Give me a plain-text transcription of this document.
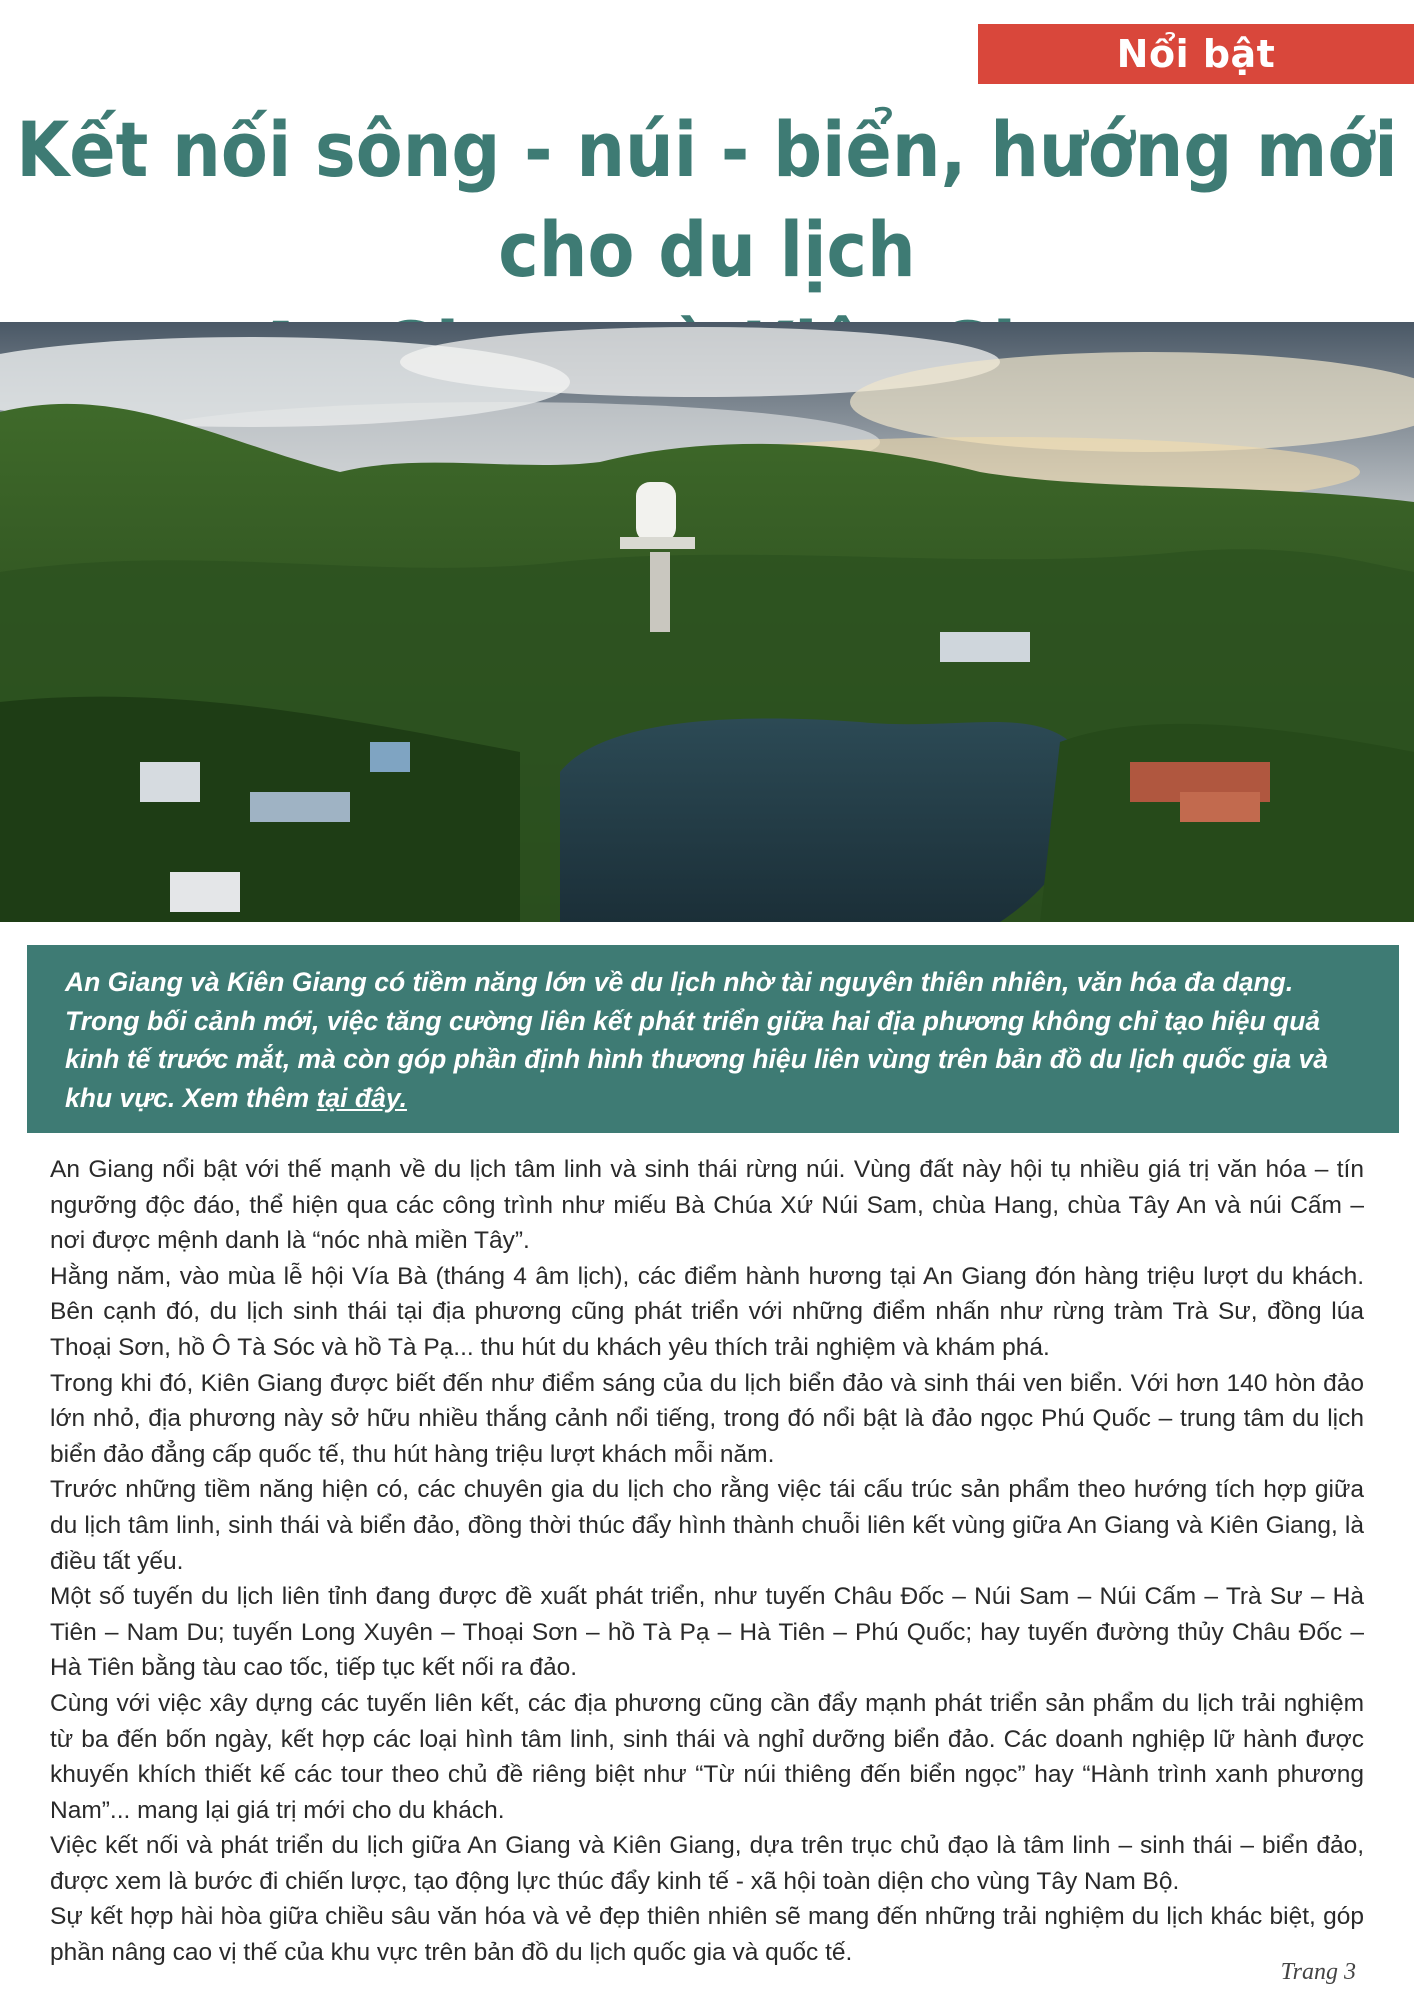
Nổi bật
Kết nối sông - núi - biển, hướng mới cho du lịch

An Giang và Kiên Giang có tiềm năng lớn về du lịch nhờ tài nguyên thiên nhiên, văn hóa đa dạng. Trong bối cảnh mới, việc tăng cường liên kết phát triển giữa hai địa phương không chỉ tạo hiệu quả kinh tế trước mắt, mà còn góp phần định hình thương hiệu liên vùng trên bản đồ du lịch quốc gia và khu vực. Xem thêm tại đây.

An Giang nổi bật với thế mạnh về du lịch tâm linh và sinh thái rừng núi. Vùng đất này hội tụ nhiều giá trị văn hóa – tín ngưỡng độc đáo, thể hiện qua các công trình như miếu Bà Chúa Xứ Núi Sam, chùa Hang, chùa Tây An và núi Cấm – nơi được mệnh danh là “nóc nhà miền Tây”.

Hằng năm, vào mùa lễ hội Vía Bà (tháng 4 âm lịch), các điểm hành hương tại An Giang đón hàng triệu lượt du khách. Bên cạnh đó, du lịch sinh thái tại địa phương cũng phát triển với những điểm nhấn như rừng tràm Trà Sư, đồng lúa Thoại Sơn, hồ Ô Tà Sóc và hồ Tà Pạ... thu hút du khách yêu thích trải nghiệm và khám phá.

Trong khi đó, Kiên Giang được biết đến như điểm sáng của du lịch biển đảo và sinh thái ven biển. Với hơn 140 hòn đảo lớn nhỏ, địa phương này sở hữu nhiều thắng cảnh nổi tiếng, trong đó nổi bật là đảo ngọc Phú Quốc – trung tâm du lịch biển đảo đẳng cấp quốc tế, thu hút hàng triệu lượt khách mỗi năm.

Trước những tiềm năng hiện có, các chuyên gia du lịch cho rằng việc tái cấu trúc sản phẩm theo hướng tích hợp giữa du lịch tâm linh, sinh thái và biển đảo, đồng thời thúc đẩy hình thành chuỗi liên kết vùng giữa An Giang và Kiên Giang, là điều tất yếu.

Một số tuyến du lịch liên tỉnh đang được đề xuất phát triển, như tuyến Châu Đốc – Núi Sam – Núi Cấm – Trà Sư – Hà Tiên – Nam Du; tuyến Long Xuyên – Thoại Sơn – hồ Tà Pạ – Hà Tiên – Phú Quốc; hay tuyến đường thủy Châu Đốc – Hà Tiên bằng tàu cao tốc, tiếp tục kết nối ra đảo.

Cùng với việc xây dựng các tuyến liên kết, các địa phương cũng cần đẩy mạnh phát triển sản phẩm du lịch trải nghiệm từ ba đến bốn ngày, kết hợp các loại hình tâm linh, sinh thái và nghỉ dưỡng biển đảo. Các doanh nghiệp lữ hành được khuyến khích thiết kế các tour theo chủ đề riêng biệt như “Từ núi thiêng đến biển ngọc” hay “Hành trình xanh phương Nam”... mang lại giá trị mới cho du khách.

Việc kết nối và phát triển du lịch giữa An Giang và Kiên Giang, dựa trên trục chủ đạo là tâm linh – sinh thái – biển đảo, được xem là bước đi chiến lược, tạo động lực thúc đẩy kinh tế - xã hội toàn diện cho vùng Tây Nam Bộ.

Sự kết hợp hài hòa giữa chiều sâu văn hóa và vẻ đẹp thiên nhiên sẽ mang đến những trải nghiệm du lịch khác biệt, góp phần nâng cao vị thế của khu vực trên bản đồ du lịch quốc gia và quốc tế.

Trang 3
